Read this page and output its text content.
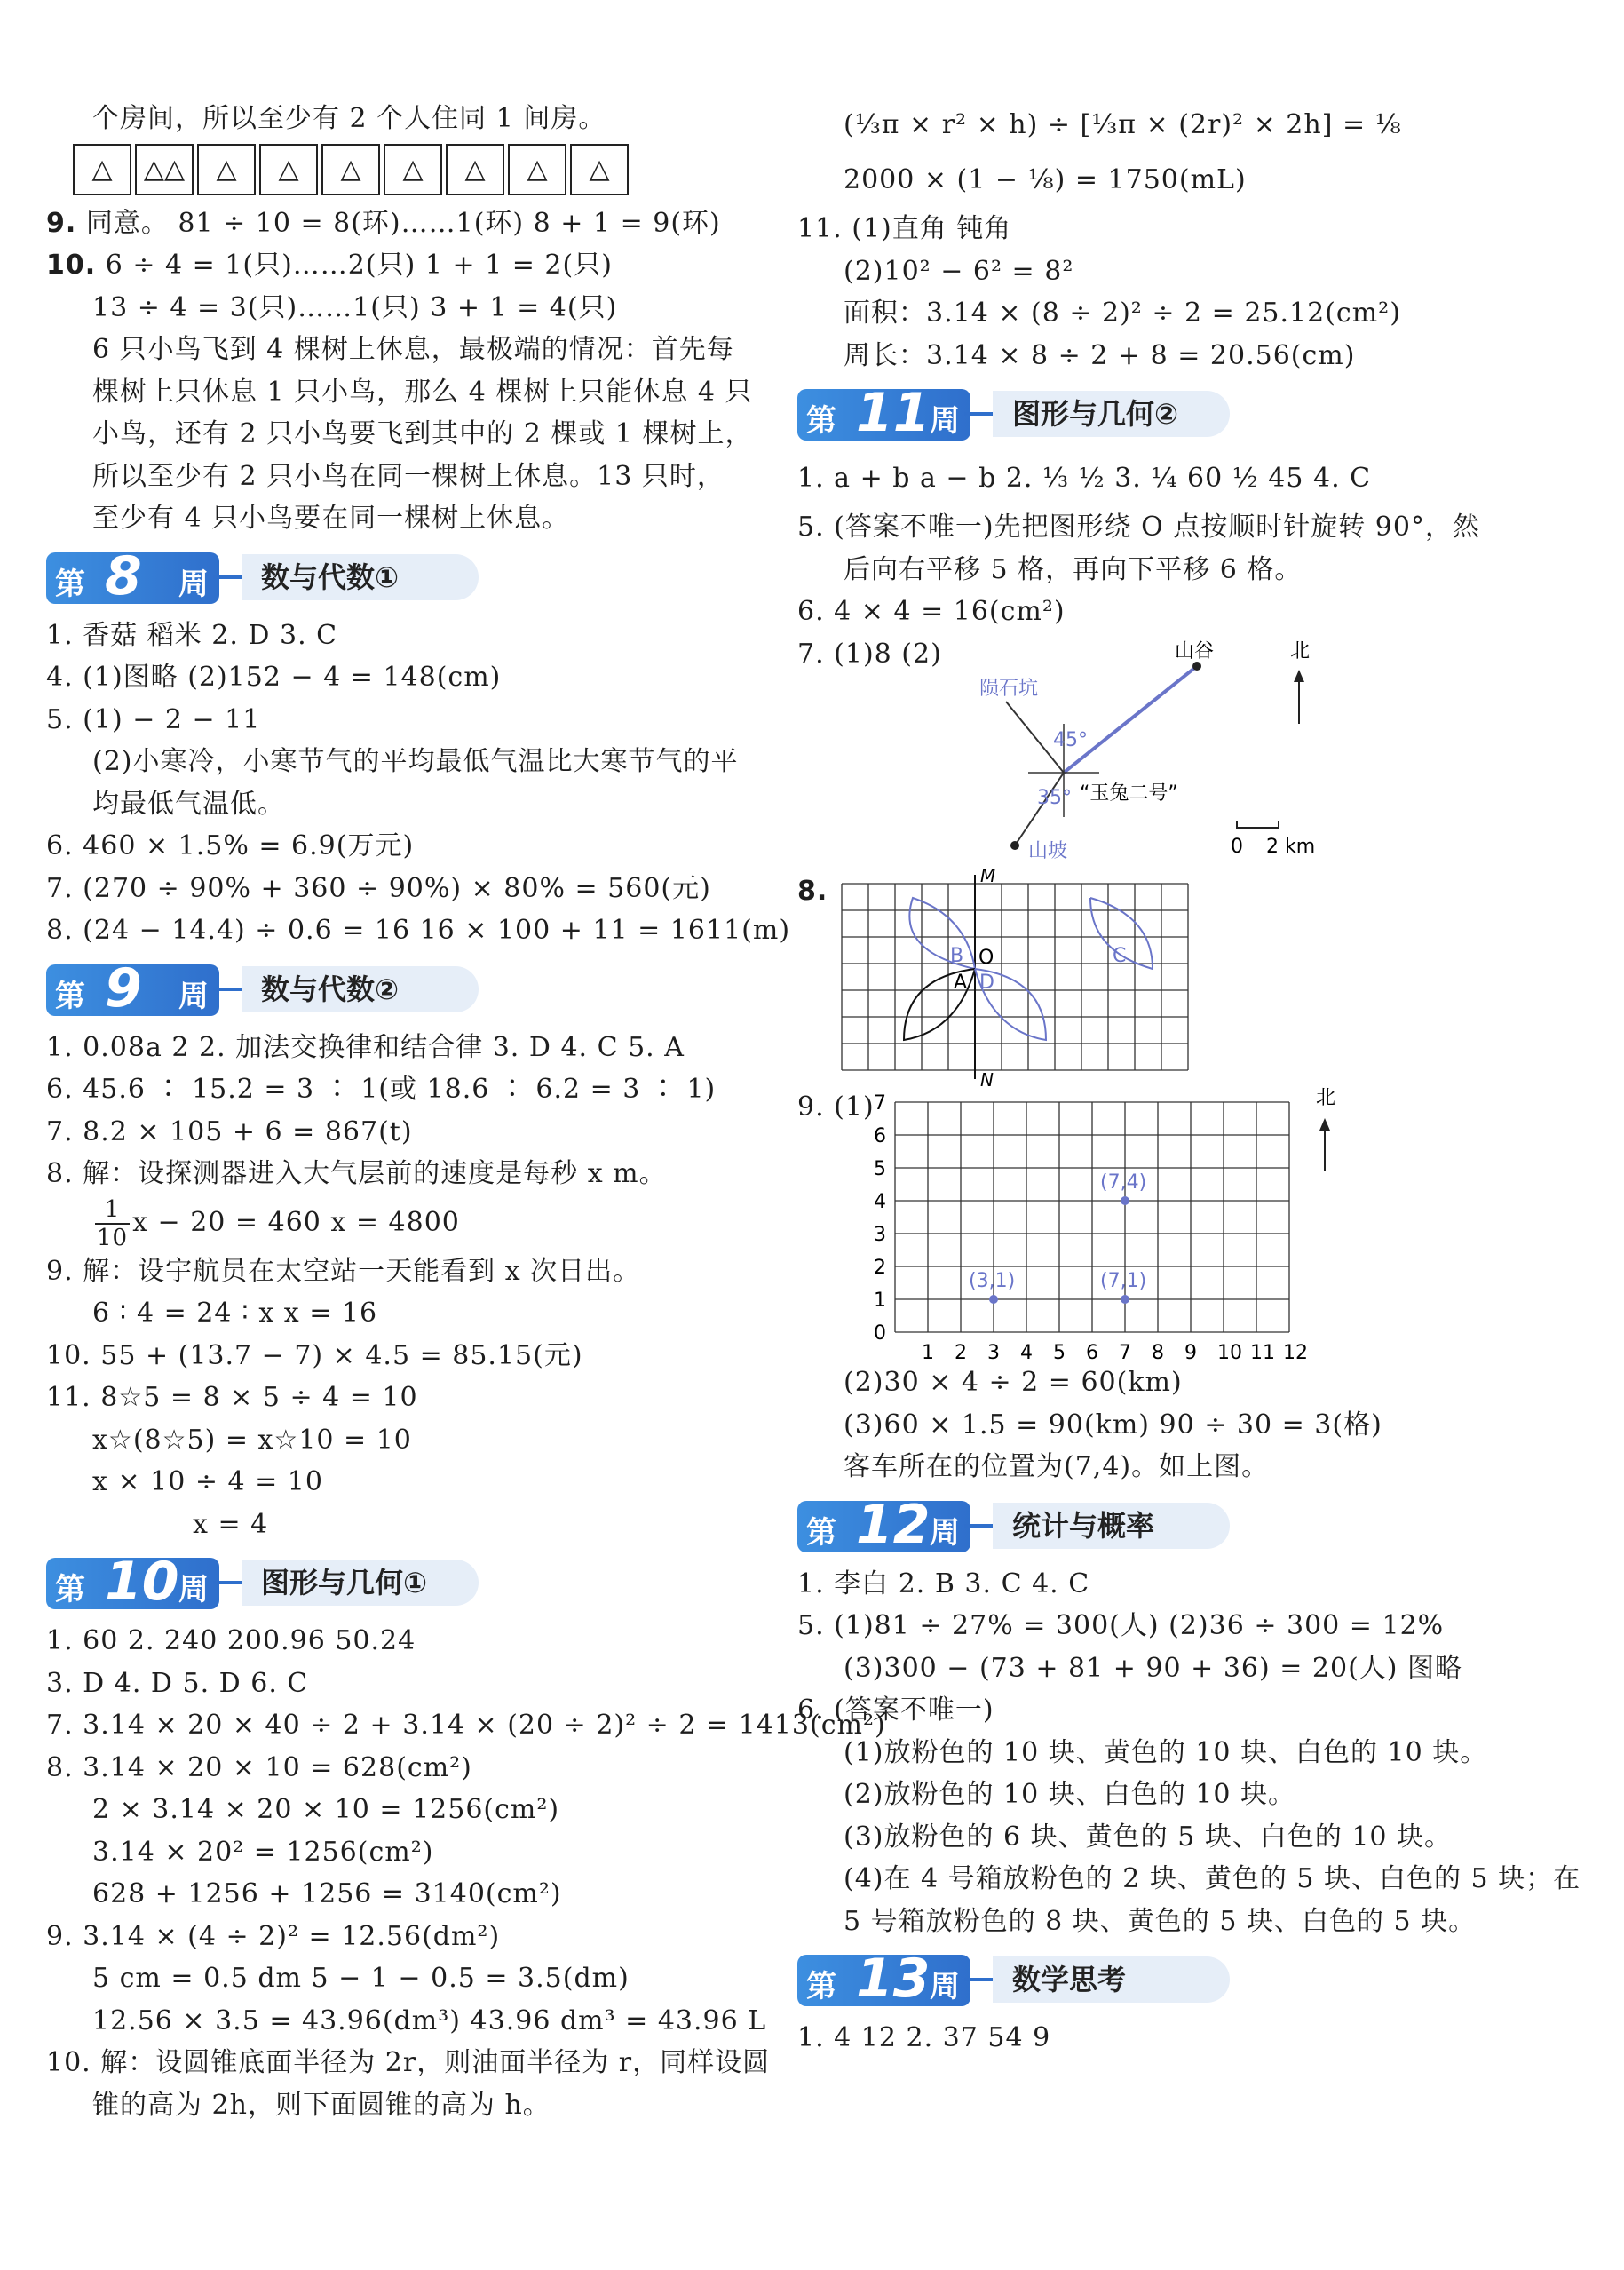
个房间，所以至少有 2 个人住同 1 间房。
△	△△	△	△	△	△	△	△	△
9. 同意。 81 ÷ 10 = 8(环)……1(环) 8 + 1 = 9(环)
10. 6 ÷ 4 = 1(只)……2(只) 1 + 1 = 2(只)
13 ÷ 4 = 3(只)……1(只) 3 + 1 = 4(只)
6 只小鸟飞到 4 棵树上休息，最极端的情况：首先每
棵树上只休息 1 只小鸟，那么 4 棵树上只能休息 4 只
小鸟，还有 2 只小鸟要飞到其中的 2 棵或 1 棵树上，
所以至少有 2 只小鸟在同一棵树上休息。13 只时，
至少有 4 只小鸟要在同一棵树上休息。
第 8 周	数与代数①
1. 香菇 稻米 2. D 3. C
4. (1)图略 (2)152 − 4 = 148(cm)
5. (1) − 2 − 11
(2)小寒冷，小寒节气的平均最低气温比大寒节气的平
均最低气温低。
6. 460 × 1.5% = 6.9(万元)
7. (270 ÷ 90% + 360 ÷ 90%) × 80% = 560(元)
8. (24 − 14.4) ÷ 0.6 = 16 16 × 100 + 11 = 1611(m)
第 9 周	数与代数②
1. 0.08a 2 2. 加法交换律和结合律 3. D 4. C 5. A
6. 45.6 ∶ 15.2 = 3 ∶ 1(或 18.6 ∶ 6.2 = 3 ∶ 1)
7. 8.2 × 105 + 6 = 867(t)
8. 解：设探测器进入大气层前的速度是每秒 x m。
$\frac{1}{10}$ x − 20 = 460 x = 4800
9. 解：设宇航员在太空站一天能看到 x 次日出。
6 ∶ 4 = 24 ∶ x x = 16
10. 55 + (13.7 − 7) × 4.5 = 85.15(元)
11. 8☆5 = 8 × 5 ÷ 4 = 10
x☆(8☆5) = x☆10 = 10
x × 10 ÷ 4 = 10
x = 4
第 10 周	图形与几何①
1. 60 2. 240 200.96 50.24
3. D 4. D 5. D 6. C
7. 3.14 × 20 × 40 ÷ 2 + 3.14 × (20 ÷ 2)² ÷ 2 = 1413(cm²)
8. 3.14 × 20 × 10 = 628(cm²)
2 × 3.14 × 20 × 10 = 1256(cm²)
3.14 × 20² = 1256(cm²)
628 + 1256 + 1256 = 3140(cm²)
9. 3.14 × (4 ÷ 2)² = 12.56(dm²)
5 cm = 0.5 dm 5 − 1 − 0.5 = 3.5(dm)
12.56 × 3.5 = 43.96(dm³) 43.96 dm³ = 43.96 L
10. 解：设圆锥底面半径为 2r，则油面半径为 r，同样设圆
锥的高为 2h，则下面圆锥的高为 h。
(⅓π × r² × h) ÷ [⅓π × (2r)² × 2h] = ⅛
2000 × (1 − ⅛) = 1750(mL)
11. (1)直角 钝角
(2)10² − 6² = 8²
面积：3.14 × (8 ÷ 2)² ÷ 2 = 25.12(cm²)
周长：3.14 × 8 ÷ 2 + 8 = 20.56(cm)
第 11 周	图形与几何②
1. a + b a − b 2. ⅓ ½ 3. ¼ 60 ½ 45 4. C
5. (答案不唯一)先把图形绕 O 点按顺时针旋转 90°，然
后向右平移 5 格，再向下平移 6 格。
6. 4 × 4 = 16(cm²)
7. (1)8 (2)	山谷	北
陨石坑
45°
35° “玉兔二号”
山坡	0 2 km
8.	M
N
O
A
B
D
C
9. (1) 7
6
5
4
3
2
1
0
1 2 3 4 5 6 7 8 9 10 11 12
(7,4)
(3,1)	(7,1)
北
(2)30 × 4 ÷ 2 = 60(km)
(3)60 × 1.5 = 90(km) 90 ÷ 30 = 3(格)
客车所在的位置为(7,4)。如上图。
第 12 周	统计与概率
1. 李白 2. B 3. C 4. C
5. (1)81 ÷ 27% = 300(人) (2)36 ÷ 300 = 12%
(3)300 − (73 + 81 + 90 + 36) = 20(人) 图略
6. (答案不唯一)
(1)放粉色的 10 块、黄色的 10 块、白色的 10 块。
(2)放粉色的 10 块、白色的 10 块。
(3)放粉色的 6 块、黄色的 5 块、白色的 10 块。
(4)在 4 号箱放粉色的 2 块、黄色的 5 块、白色的 5 块；在
5 号箱放粉色的 8 块、黄色的 5 块、白色的 5 块。
第 13 周	数学思考
1. 4 12 2. 37 54 9
